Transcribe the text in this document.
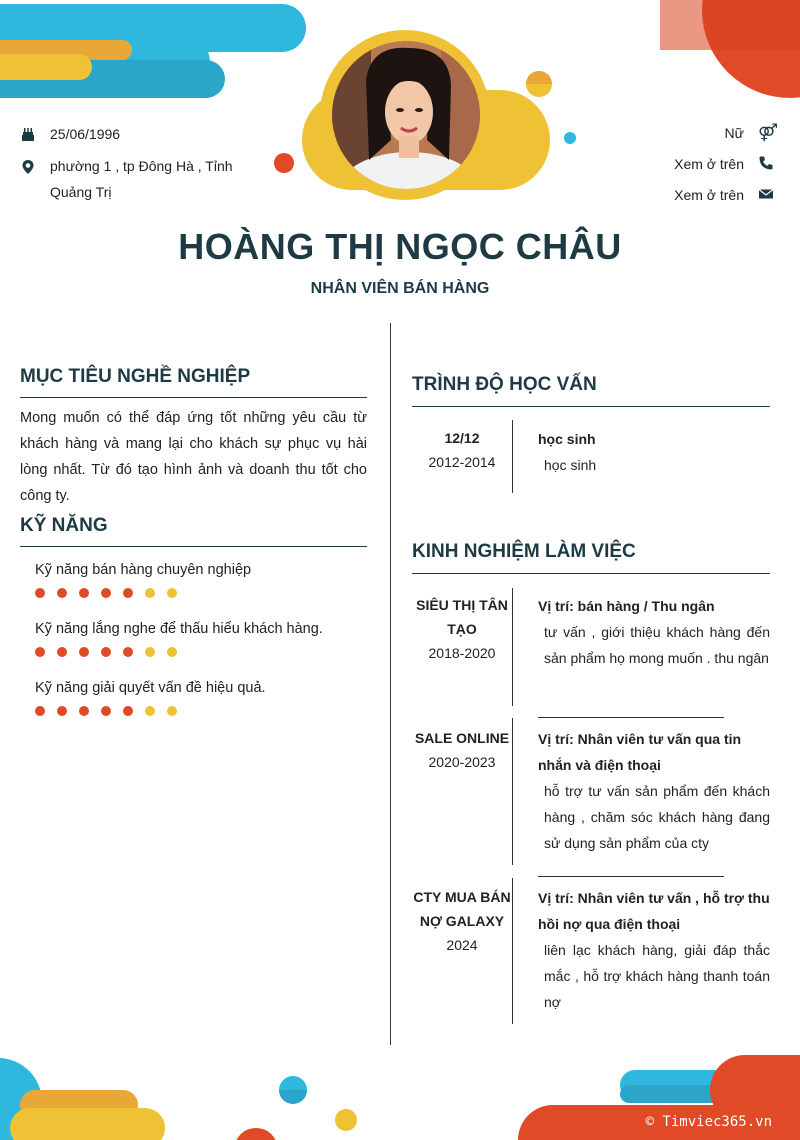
25/06/1996
phường 1 , tp Đông Hà , Tỉnh Quảng Trị
Nữ ⚤
Xem ở trên
Xem ở trên
HOÀNG THỊ NGỌC CHÂU
NHÂN VIÊN BÁN HÀNG
MỤC TIÊU NGHỀ NGHIỆP
Mong muốn có thể đáp ứng tốt những yêu cầu từ khách hàng và mang lại cho khách sự phục vụ hài lòng nhất. Từ đó tạo hình ảnh và doanh thu tốt cho công ty.
KỸ NĂNG
Kỹ năng bán hàng chuyên nghiệp
Kỹ năng lắng nghe để thấu hiểu khách hàng.
Kỹ năng giải quyết vấn đề hiệu quả.
TRÌNH ĐỘ HỌC VẤN
12/12
2012-2014
học sinh
học sinh
KINH NGHIỆM LÀM VIỆC
SIÊU THỊ TÂN TẠO
2018-2020
Vị trí: bán hàng / Thu ngân
tư vấn , giới thiệu khách hàng đến sản phẩm họ mong muốn . thu ngân
SALE ONLINE
2020-2023
Vị trí: Nhân viên tư vấn qua tin nhắn và điện thoại
hỗ trợ tư vấn sản phẩm đến khách hàng , chăm sóc khách hàng đang sử dụng sản phẩm của cty
CTY MUA BÁN NỢ GALAXY
2024
Vị trí: Nhân viên tư vấn , hỗ trợ thu hồi nợ qua điện thoại
liên lạc khách hàng, giải đáp thắc mắc , hỗ trợ khách hàng thanh toán nợ
© Timviec365.vn
